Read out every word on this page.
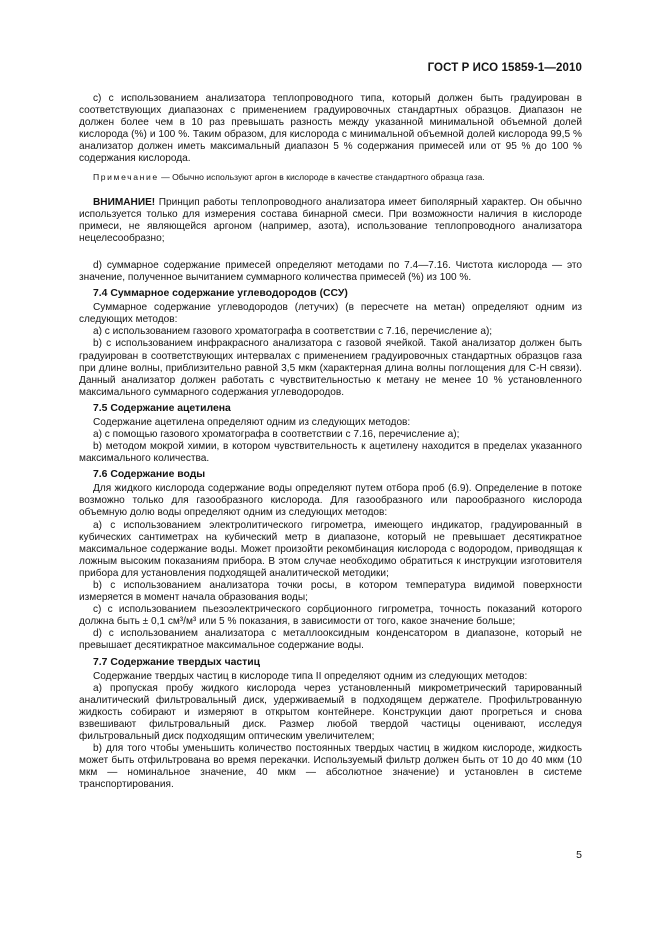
ГОСТ Р ИСО 15859-1—2010

c) с использованием анализатора теплопроводного типа, который должен быть градуирован в соответствующих диапазонах с применением градуировочных стандартных образцов. Диапазон не должен более чем в 10 раз превышать разность между указанной минимальной объемной долей кислорода (%) и 100 %. Таким образом, для кислорода с минимальной объемной долей кислорода 99,5 % анализатор должен иметь максимальный диапазон 5 % содержания примесей или от 95 % до 100 % содержания кислорода.

Примечание — Обычно используют аргон в кислороде в качестве стандартного образца газа.

ВНИМАНИЕ! Принцип работы теплопроводного анализатора имеет биполярный характер. Он обычно используется только для измерения состава бинарной смеси. При возможности наличия в кислороде примеси, не являющейся аргоном (например, азота), использование теплопроводного анализатора нецелесообразно;

d) суммарное содержание примесей определяют методами по 7.4—7.16. Чистота кислорода — это значение, полученное вычитанием суммарного количества примесей (%) из 100 %.

7.4 Суммарное содержание углеводородов (ССУ)

Суммарное содержание углеводородов (летучих) (в пересчете на метан) определяют одним из следующих методов:

a) с использованием газового хроматографа в соответствии с 7.16, перечисление a);

b) с использованием инфракрасного анализатора с газовой ячейкой. Такой анализатор должен быть градуирован в соответствующих интервалах с применением градуировочных стандартных образцов газа при длине волны, приблизительно равной 3,5 мкм (характерная длина волны поглощения для С-Н связи). Данный анализатор должен работать с чувствительностью к метану не менее 10 % установленного максимального суммарного содержания углеводородов.

7.5 Содержание ацетилена

Содержание ацетилена определяют одним из следующих методов:

a) с помощью газового хроматографа в соответствии с 7.16, перечисление a);

b) методом мокрой химии, в котором чувствительность к ацетилену находится в пределах указанного максимального количества.

7.6 Содержание воды

Для жидкого кислорода содержание воды определяют путем отбора проб (6.9). Определение в потоке возможно только для газообразного кислорода. Для газообразного или парообразного кислорода объемную долю воды определяют одним из следующих методов:

a) с использованием электролитического гигрометра, имеющего индикатор, градуированный в кубических сантиметрах на кубический метр в диапазоне, который не превышает десятикратное максимальное содержание воды. Может произойти рекомбинация кислорода с водородом, приводящая к ложным высоким показаниям прибора. В этом случае необходимо обратиться к инструкции изготовителя прибора для установления подходящей аналитической методики;

b) с использованием анализатора точки росы, в котором температура видимой поверхности измеряется в момент начала образования воды;

c) с использованием пьезоэлектрического сорбционного гигрометра, точность показаний которого должна быть ± 0,1 см³/м³ или 5 % показания, в зависимости от того, какое значение больше;

d) с использованием анализатора с металлооксидным конденсатором в диапазоне, который не превышает десятикратное максимальное содержание воды.

7.7 Содержание твердых частиц

Содержание твердых частиц в кислороде типа II определяют одним из следующих методов:

a) пропуская пробу жидкого кислорода через установленный микрометрический тарированный аналитический фильтровальный диск, удерживаемый в подходящем держателе. Профильтрованную жидкость собирают и измеряют в открытом контейнере. Конструкции дают прогреться и снова взвешивают фильтровальный диск. Размер любой твердой частицы оценивают, исследуя фильтровальный диск подходящим оптическим увеличителем;

b) для того чтобы уменьшить количество постоянных твердых частиц в жидком кислороде, жидкость может быть отфильтрована во время перекачки. Используемый фильтр должен быть от 10 до 40 мкм (10 мкм — номинальное значение, 40 мкм — абсолютное значение) и установлен в системе транспортирования.

5
